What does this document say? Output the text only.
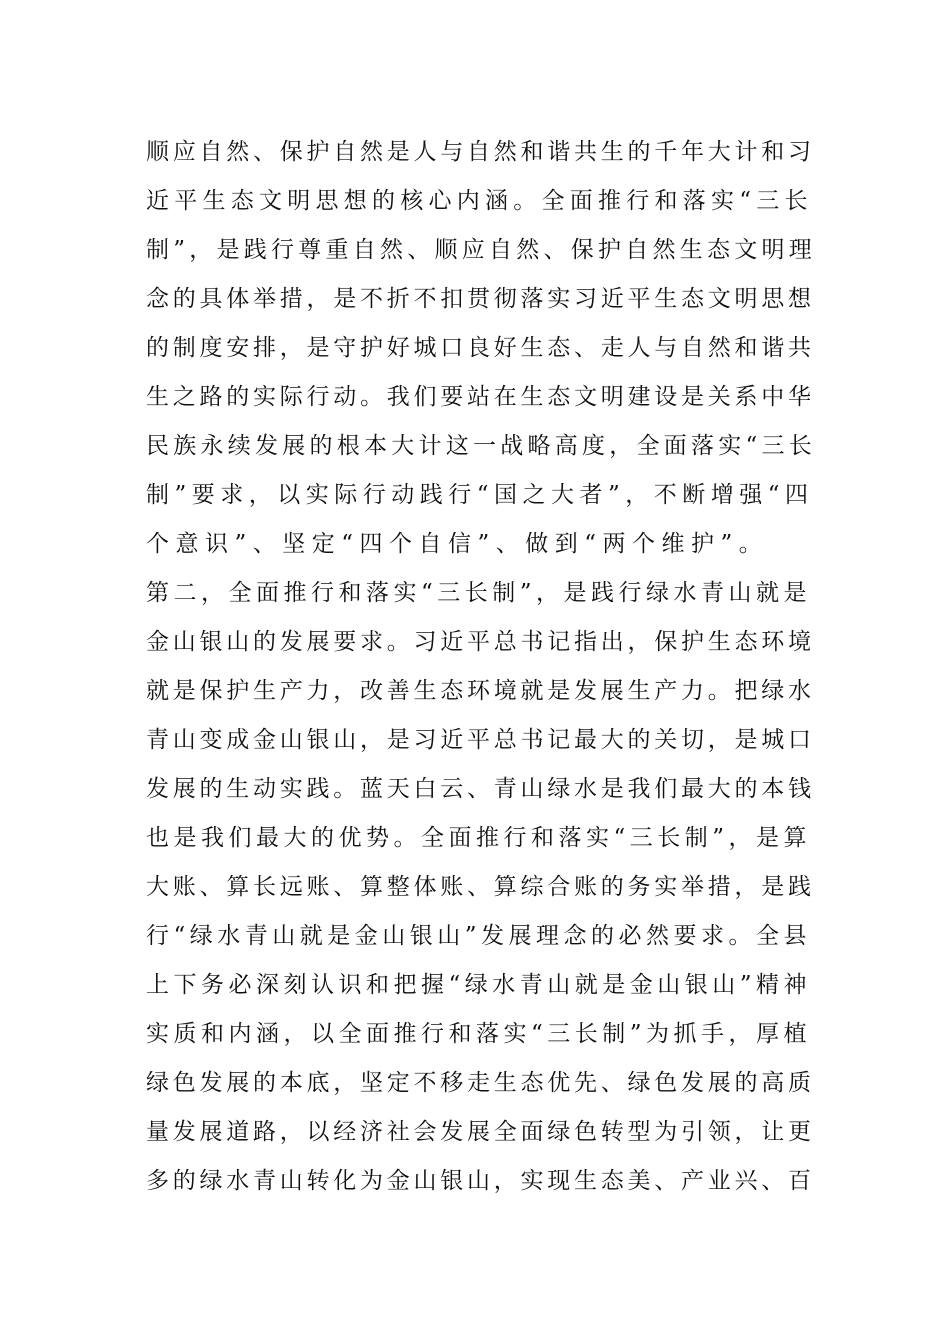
顺应自然、保护自然是人与自然和谐共生的千年大计和习
近平生态文明思想的核心内涵。全面推行和落实“三长
制”，是践行尊重自然、顺应自然、保护自然生态文明理
念的具体举措，是不折不扣贯彻落实习近平生态文明思想
的制度安排，是守护好城口良好生态、走人与自然和谐共
生之路的实际行动。我们要站在生态文明建设是关系中华
民族永续发展的根本大计这一战略高度，全面落实“三长
制”要求，以实际行动践行“国之大者”，不断增强“四
个意识”、坚定“四个自信”、做到“两个维护”。
第二，全面推行和落实“三长制”，是践行绿水青山就是
金山银山的发展要求。习近平总书记指出，保护生态环境
就是保护生产力，改善生态环境就是发展生产力。把绿水
青山变成金山银山，是习近平总书记最大的关切，是城口
发展的生动实践。蓝天白云、青山绿水是我们最大的本钱
也是我们最大的优势。全面推行和落实“三长制”，是算
大账、算长远账、算整体账、算综合账的务实举措，是践
行“绿水青山就是金山银山”发展理念的必然要求。全县
上下务必深刻认识和把握“绿水青山就是金山银山”精神
实质和内涵，以全面推行和落实“三长制”为抓手，厚植
绿色发展的本底，坚定不移走生态优先、绿色发展的高质
量发展道路，以经济社会发展全面绿色转型为引领，让更
多的绿水青山转化为金山银山，实现生态美、产业兴、百
